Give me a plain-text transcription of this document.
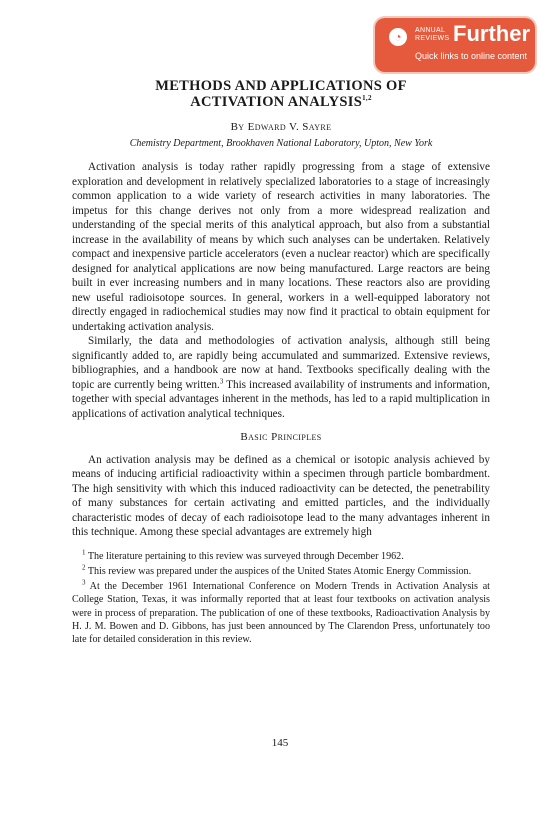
◔	ANNUAL
REVIEWS Further
Quick links to online content
METHODS AND APPLICATIONS OF
ACTIVATION ANALYSIS$^{1,2}$
By Edward V. Sayre
Chemistry Department, Brookhaven National Laboratory, Upton, New York

Activation analysis is today rather rapidly progressing from a stage of extensive exploration and development in relatively specialized laboratories to a stage of increasingly common application to a wide variety of research activities in many laboratories. The impetus for this change derives not only from a more widespread realization and understanding of the special merits of this analytical approach, but also from a substantial increase in the availability of means by which such analyses can be undertaken. Relatively compact and inexpensive particle accelerators (even a nuclear reactor) which are specifically designed for analytical applications are now being manufactured. Large reactors are being built in ever increasing numbers and in many locations. These reactors also are providing new useful radioisotope sources. In general, workers in a well-equipped laboratory not directly engaged in radiochemical studies may now find it practical to obtain equipment for undertaking activation analysis.

Similarly, the data and methodologies of activation analysis, although still being significantly added to, are rapidly being accumulated and summarized. Extensive reviews, bibliographies, and a handbook are now at hand. Textbooks specifically dealing with the topic are currently being written.$^3$ This increased availability of instruments and information, together with special advantages inherent in the methods, has led to a rapid multiplication in applications of activation analytical techniques.

Basic Principles

An activation analysis may be defined as a chemical or isotopic analysis achieved by means of inducing artificial radioactivity within a specimen through particle bombardment. The high sensitivity with which this induced radioactivity can be detected, the penetrability of many substances for certain activating and emitted particles, and the individually characteristic modes of decay of each radioisotope lead to the many advantages inherent in this technique. Among these special advantages are extremely high

$^1$ The literature pertaining to this review was surveyed through December 1962.

$^2$ This review was prepared under the auspices of the United States Atomic Energy Commission.

$^3$ At the December 1961 International Conference on Modern Trends in Activation Analysis at College Station, Texas, it was informally reported that at least four textbooks on activation analysis were in process of preparation. The publication of one of these textbooks, Radioactivation Analysis by H. J. M. Bowen and D. Gibbons, has just been announced by The Clarendon Press, unfortunately too late for detailed consideration in this review.

145
